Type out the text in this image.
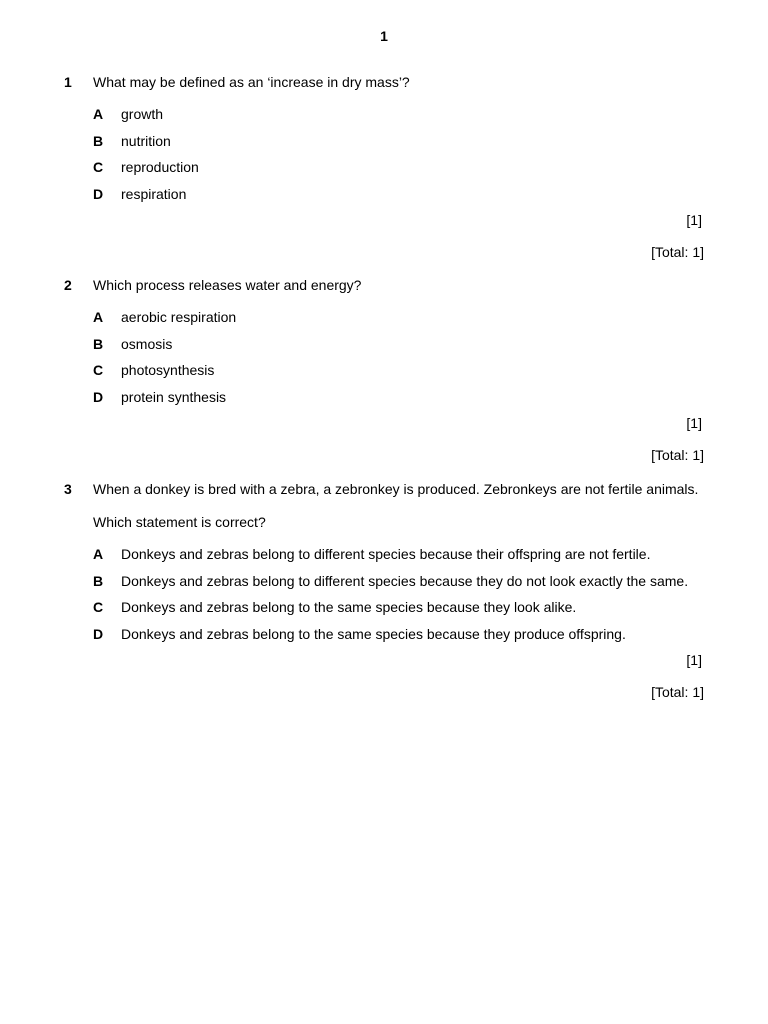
1
1 What may be defined as an ‘increase in dry mass’?
A growth
B nutrition
C reproduction
D respiration
[1]
[Total: 1]
2 Which process releases water and energy?
A aerobic respiration
B osmosis
C photosynthesis
D protein synthesis
[1]
[Total: 1]
3 When a donkey is bred with a zebra, a zebronkey is produced. Zebronkeys are not fertile animals.
Which statement is correct?
A Donkeys and zebras belong to different species because their offspring are not fertile.
B Donkeys and zebras belong to different species because they do not look exactly the same.
C Donkeys and zebras belong to the same species because they look alike.
D Donkeys and zebras belong to the same species because they produce offspring.
[1]
[Total: 1]
